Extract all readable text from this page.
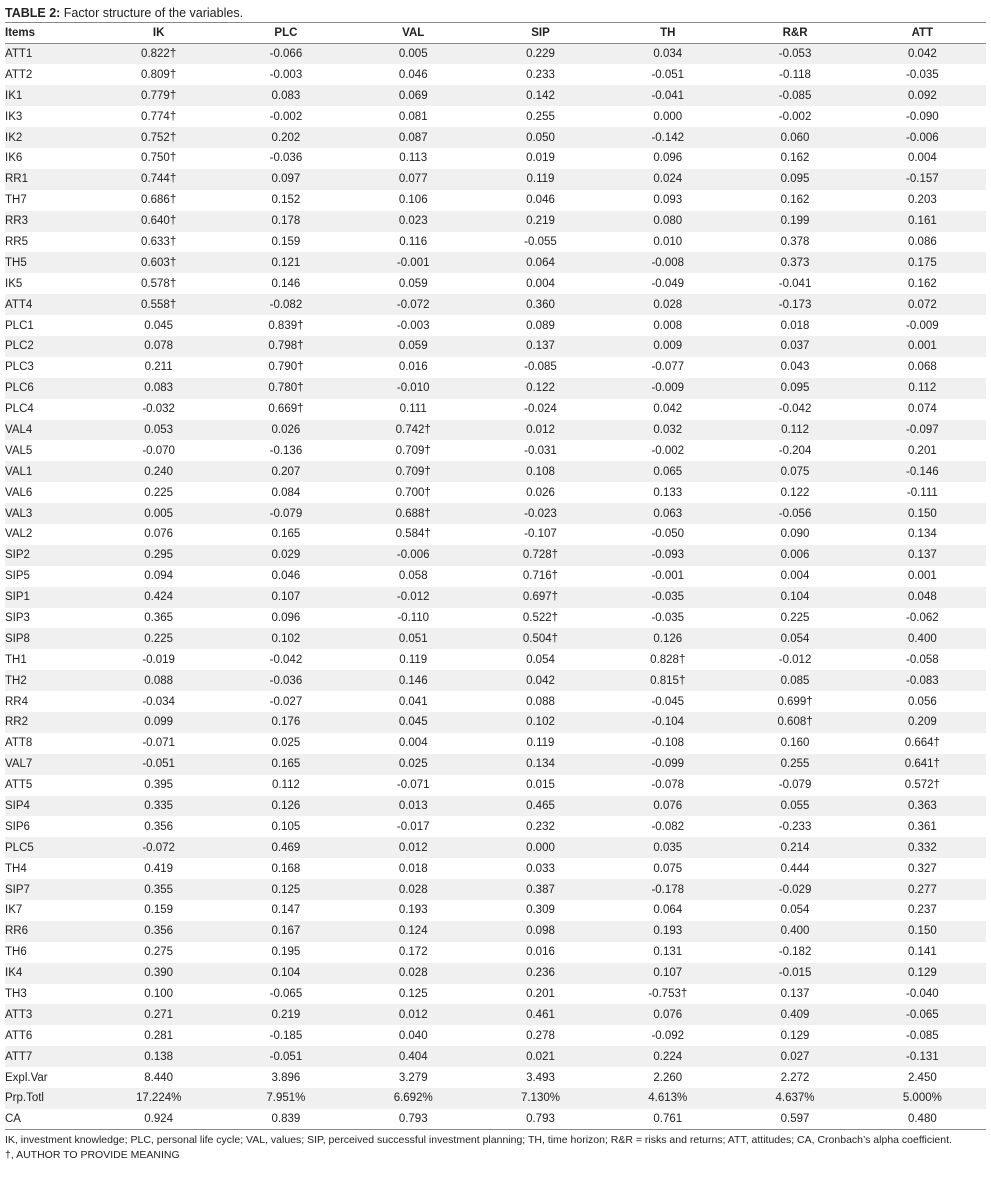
TABLE 2: Factor structure of the variables.
Items	IK	PLC	VAL	SIP	TH	R&R	ATT
ATT1	0.822†	-0.066	0.005	0.229	0.034	-0.053	0.042
ATT2	0.809†	-0.003	0.046	0.233	-0.051	-0.118	-0.035
IK1	0.779†	0.083	0.069	0.142	-0.041	-0.085	0.092
IK3	0.774†	-0.002	0.081	0.255	0.000	-0.002	-0.090
IK2	0.752†	0.202	0.087	0.050	-0.142	0.060	-0.006
IK6	0.750†	-0.036	0.113	0.019	0.096	0.162	0.004
RR1	0.744†	0.097	0.077	0.119	0.024	0.095	-0.157
TH7	0.686†	0.152	0.106	0.046	0.093	0.162	0.203
RR3	0.640†	0.178	0.023	0.219	0.080	0.199	0.161
RR5	0.633†	0.159	0.116	-0.055	0.010	0.378	0.086
TH5	0.603†	0.121	-0.001	0.064	-0.008	0.373	0.175
IK5	0.578†	0.146	0.059	0.004	-0.049	-0.041	0.162
ATT4	0.558†	-0.082	-0.072	0.360	0.028	-0.173	0.072
PLC1	0.045	0.839†	-0.003	0.089	0.008	0.018	-0.009
PLC2	0.078	0.798†	0.059	0.137	0.009	0.037	0.001
PLC3	0.211	0.790†	0.016	-0.085	-0.077	0.043	0.068
PLC6	0.083	0.780†	-0.010	0.122	-0.009	0.095	0.112
PLC4	-0.032	0.669†	0.111	-0.024	0.042	-0.042	0.074
VAL4	0.053	0.026	0.742†	0.012	0.032	0.112	-0.097
VAL5	-0.070	-0.136	0.709†	-0.031	-0.002	-0.204	0.201
VAL1	0.240	0.207	0.709†	0.108	0.065	0.075	-0.146
VAL6	0.225	0.084	0.700†	0.026	0.133	0.122	-0.111
VAL3	0.005	-0.079	0.688†	-0.023	0.063	-0.056	0.150
VAL2	0.076	0.165	0.584†	-0.107	-0.050	0.090	0.134
SIP2	0.295	0.029	-0.006	0.728†	-0.093	0.006	0.137
SIP5	0.094	0.046	0.058	0.716†	-0.001	0.004	0.001
SIP1	0.424	0.107	-0.012	0.697†	-0.035	0.104	0.048
SIP3	0.365	0.096	-0.110	0.522†	-0.035	0.225	-0.062
SIP8	0.225	0.102	0.051	0.504†	0.126	0.054	0.400
TH1	-0.019	-0.042	0.119	0.054	0.828†	-0.012	-0.058
TH2	0.088	-0.036	0.146	0.042	0.815†	0.085	-0.083
RR4	-0.034	-0.027	0.041	0.088	-0.045	0.699†	0.056
RR2	0.099	0.176	0.045	0.102	-0.104	0.608†	0.209
ATT8	-0.071	0.025	0.004	0.119	-0.108	0.160	0.664†
VAL7	-0.051	0.165	0.025	0.134	-0.099	0.255	0.641†
ATT5	0.395	0.112	-0.071	0.015	-0.078	-0.079	0.572†
SIP4	0.335	0.126	0.013	0.465	0.076	0.055	0.363
SIP6	0.356	0.105	-0.017	0.232	-0.082	-0.233	0.361
PLC5	-0.072	0.469	0.012	0.000	0.035	0.214	0.332
TH4	0.419	0.168	0.018	0.033	0.075	0.444	0.327
SIP7	0.355	0.125	0.028	0.387	-0.178	-0.029	0.277
IK7	0.159	0.147	0.193	0.309	0.064	0.054	0.237
RR6	0.356	0.167	0.124	0.098	0.193	0.400	0.150
TH6	0.275	0.195	0.172	0.016	0.131	-0.182	0.141
IK4	0.390	0.104	0.028	0.236	0.107	-0.015	0.129
TH3	0.100	-0.065	0.125	0.201	-0.753†	0.137	-0.040
ATT3	0.271	0.219	0.012	0.461	0.076	0.409	-0.065
ATT6	0.281	-0.185	0.040	0.278	-0.092	0.129	-0.085
ATT7	0.138	-0.051	0.404	0.021	0.224	0.027	-0.131
Expl.Var	8.440	3.896	3.279	3.493	2.260	2.272	2.450
Prp.Totl	17.224%	7.951%	6.692%	7.130%	4.613%	4.637%	5.000%
CA	0.924	0.839	0.793	0.793	0.761	0.597	0.480
IK, investment knowledge; PLC, personal life cycle; VAL, values; SIP, perceived successful investment planning; TH, time horizon; R&R = risks and returns; ATT, attitudes; CA, Cronbach’s alpha coefficient.
†, AUTHOR TO PROVIDE MEANING
